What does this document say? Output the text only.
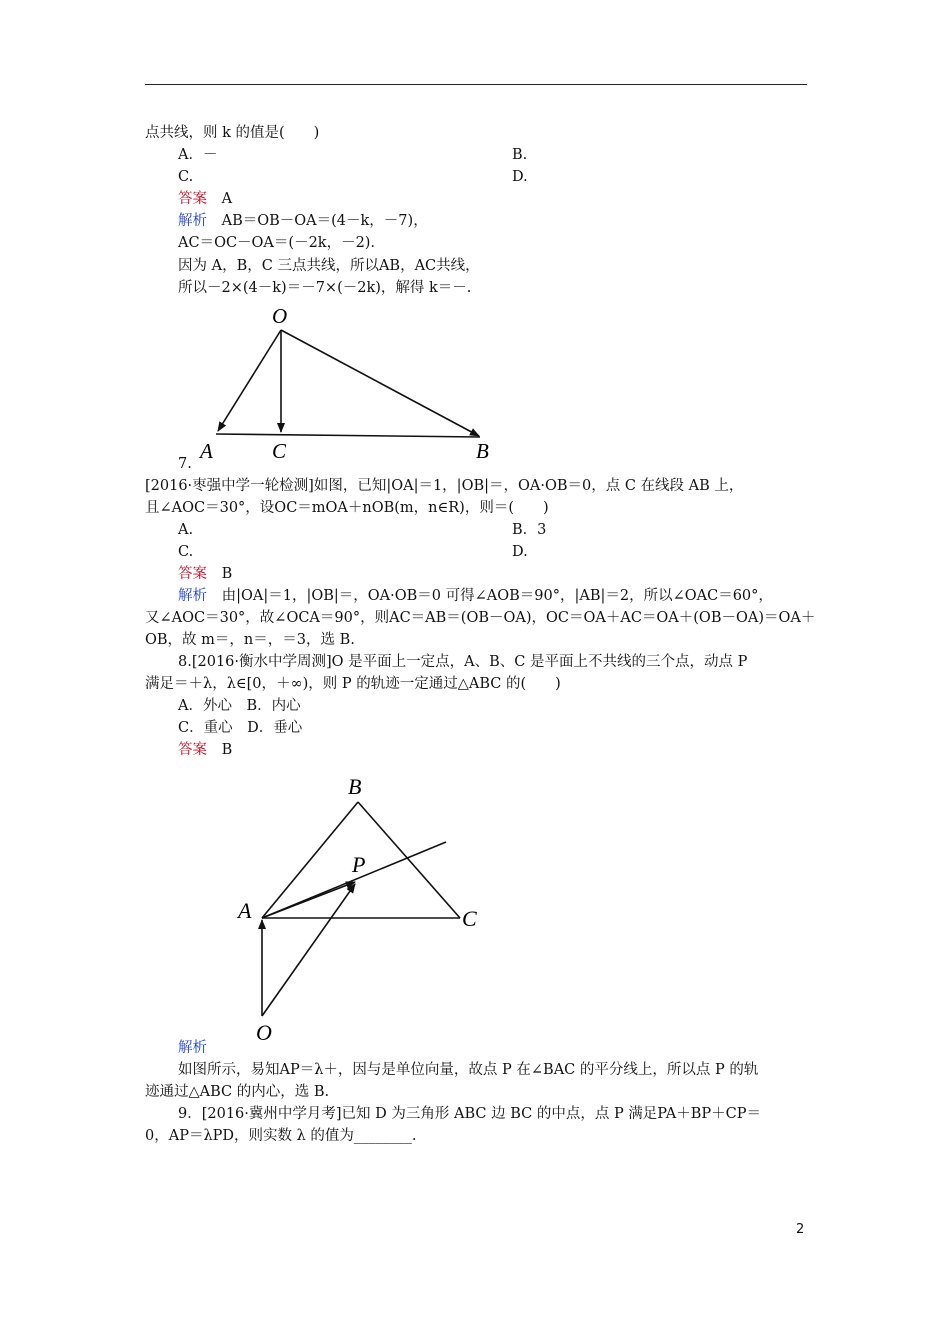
点共线，则 k 的值是(　　)
A．－	B.
C.	D.
答案 A
解析 AB＝OB－OA＝(4－k，－7)，
AC＝OC－OA＝(－2k，－2)．
因为 A，B，C 三点共线，所以AB，AC共线，
所以－2×(4－k)＝－7×(－2k)，解得 k＝－.
O
A	C	B
7.
[2016·枣强中学一轮检测]如图，已知|OA|＝1，|OB|＝，OA·OB＝0，点 C 在线段 AB 上，
且∠AOC＝30°，设OC＝mOA＋nOB(m，n∈R)，则＝(　　)
A.	B．3
C.	D.
答案 B
解析 由|OA|＝1，|OB|＝，OA·OB＝0 可得∠AOB＝90°，|AB|＝2，所以∠OAC＝60°，
又∠AOC＝30°，故∠OCA＝90°，则AC＝AB＝(OB－OA)，OC＝OA＋AC＝OA＋(OB－OA)＝OA＋
OB，故 m＝，n＝，＝3，选 B.
8.[2016·衡水中学周测]O 是平面上一定点，A、B、C 是平面上不共线的三个点，动点 P
满足＝＋λ，λ∈[0，＋∞)，则 P 的轨迹一定通过△ABC 的(　　)
A．外心　B．内心
C．重心　D．垂心
答案 B
B
P
A	C
O
解析
如图所示，易知AP＝λ＋，因与是单位向量，故点 P 在∠BAC 的平分线上，所以点 P 的轨
迹通过△ABC 的内心，选 B.
9．[2016·冀州中学月考]已知 D 为三角形 ABC 边 BC 的中点，点 P 满足PA＋BP＋CP＝
0，AP＝λPD，则实数 λ 的值为________.
2
